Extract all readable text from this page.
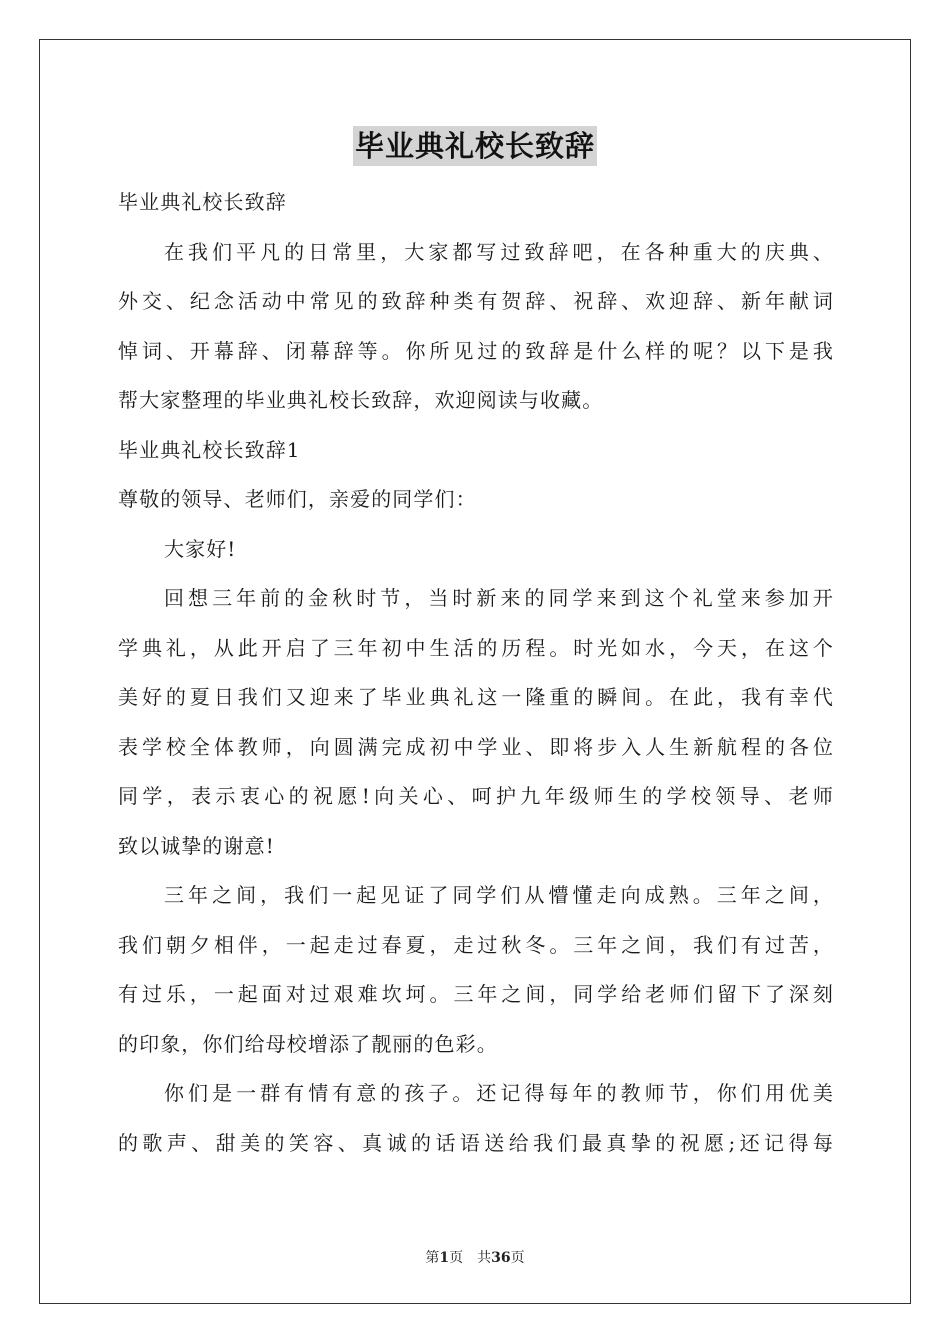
毕业典礼校长致辞
毕业典礼校长致辞
在我们平凡的日常里，大家都写过致辞吧，在各种重大的庆典、
外交、纪念活动中常见的致辞种类有贺辞、祝辞、欢迎辞、新年献词
悼词、开幕辞、闭幕辞等。你所见过的致辞是什么样的呢？以下是我
帮大家整理的毕业典礼校长致辞，欢迎阅读与收藏。
毕业典礼校长致辞1
尊敬的领导、老师们，亲爱的同学们：
大家好!
回想三年前的金秋时节，当时新来的同学来到这个礼堂来参加开
学典礼，从此开启了三年初中生活的历程。时光如水，今天，在这个
美好的夏日我们又迎来了毕业典礼这一隆重的瞬间。在此，我有幸代
表学校全体教师，向圆满完成初中学业、即将步入人生新航程的各位
同学，表示衷心的祝愿!向关心、呵护九年级师生的学校领导、老师
致以诚挚的谢意!
三年之间，我们一起见证了同学们从懵懂走向成熟。三年之间，
我们朝夕相伴，一起走过春夏，走过秋冬。三年之间，我们有过苦，
有过乐，一起面对过艰难坎坷。三年之间，同学给老师们留下了深刻
的印象，你们给母校增添了靓丽的色彩。
你们是一群有情有意的孩子。还记得每年的教师节，你们用优美
的歌声、甜美的笑容、真诚的话语送给我们最真挚的祝愿;还记得每
第1页 共36页
